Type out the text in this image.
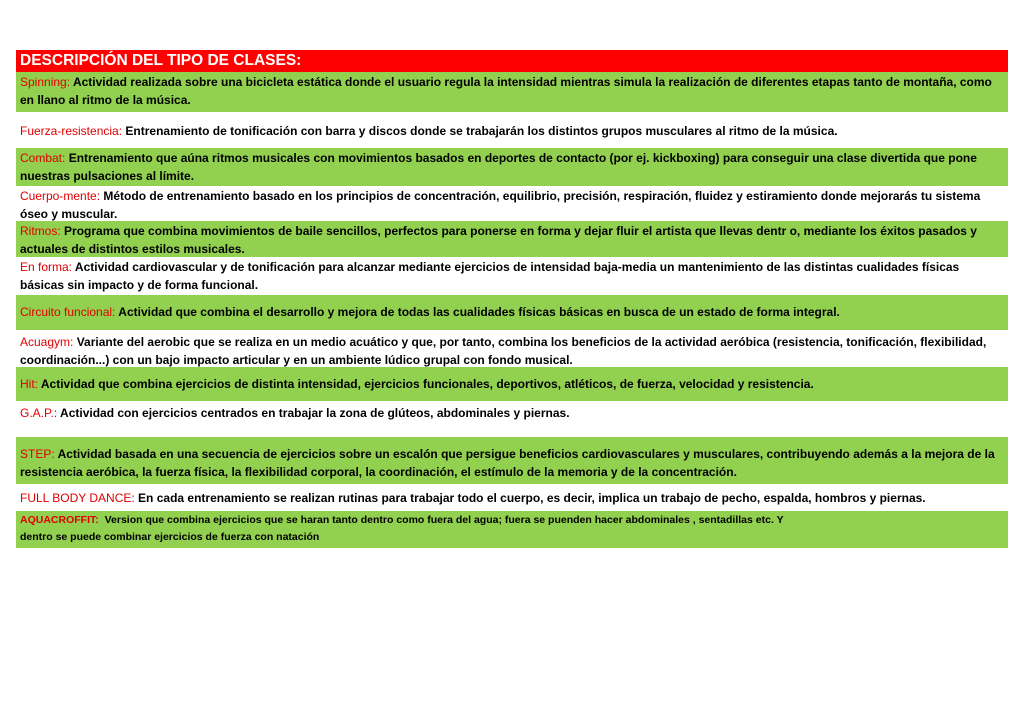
DESCRIPCIÓN DEL TIPO DE CLASES:
Spinning: Actividad realizada sobre una bicicleta estática donde el usuario regula la intensidad mientras simula la realización de diferentes etapas tanto de montaña, como en llano al ritmo de la música.
Fuerza-resistencia: Entrenamiento de tonificación con barra y discos donde se trabajarán los distintos grupos musculares al ritmo de la música.
Combat: Entrenamiento que aúna ritmos musicales con movimientos basados en deportes de contacto (por ej. kickboxing) para conseguir una clase divertida que pone nuestras pulsaciones al límite.
Cuerpo-mente: Método de entrenamiento basado en los principios de concentración, equilibrio, precisión, respiración, fluidez y estiramiento donde mejorarás tu sistema óseo y muscular.
Ritmos: Programa que combina movimientos de baile sencillos, perfectos para ponerse en forma y dejar fluir el artista que llevas dentr o, mediante los éxitos pasados y actuales de distintos estilos musicales.
En forma: Actividad cardiovascular y de tonificación para alcanzar mediante ejercicios de intensidad baja-media un mantenimiento de las distintas cualidades físicas básicas sin impacto y de forma funcional.
Circuito funcional: Actividad que combina el desarrollo y mejora de todas las cualidades físicas básicas en busca de un estado de forma integral.
Acuagym: Variante del aerobic que se realiza en un medio acuático y que, por tanto, combina los beneficios de la actividad aeróbica (resistencia, tonificación, flexibilidad, coordinación...) con un bajo impacto articular y en un ambiente lúdico grupal con fondo musical.
Hit: Actividad que combina ejercicios de distinta intensidad, ejercicios funcionales, deportivos, atléticos, de fuerza, velocidad y resistencia.
G.A.P.: Actividad con ejercicios centrados en trabajar la zona de glúteos, abdominales y piernas.
STEP: Actividad basada en una secuencia de ejercicios sobre un escalón que persigue beneficios cardiovasculares y musculares, contribuyendo además a la mejora de la resistencia aeróbica, la fuerza física, la flexibilidad corporal, la coordinación, el estímulo de la memoria y de la concentración.
FULL BODY DANCE: En cada entrenamiento se realizan rutinas para trabajar todo el cuerpo, es decir, implica un trabajo de pecho, espalda, hombros y piernas.
AQUACROFFIT: Version que combina ejercicios que se haran tanto dentro como fuera del agua; fuera se puenden hacer abdominales , sentadillas etc. Y
dentro se puede combinar ejercicios de fuerza con natación
